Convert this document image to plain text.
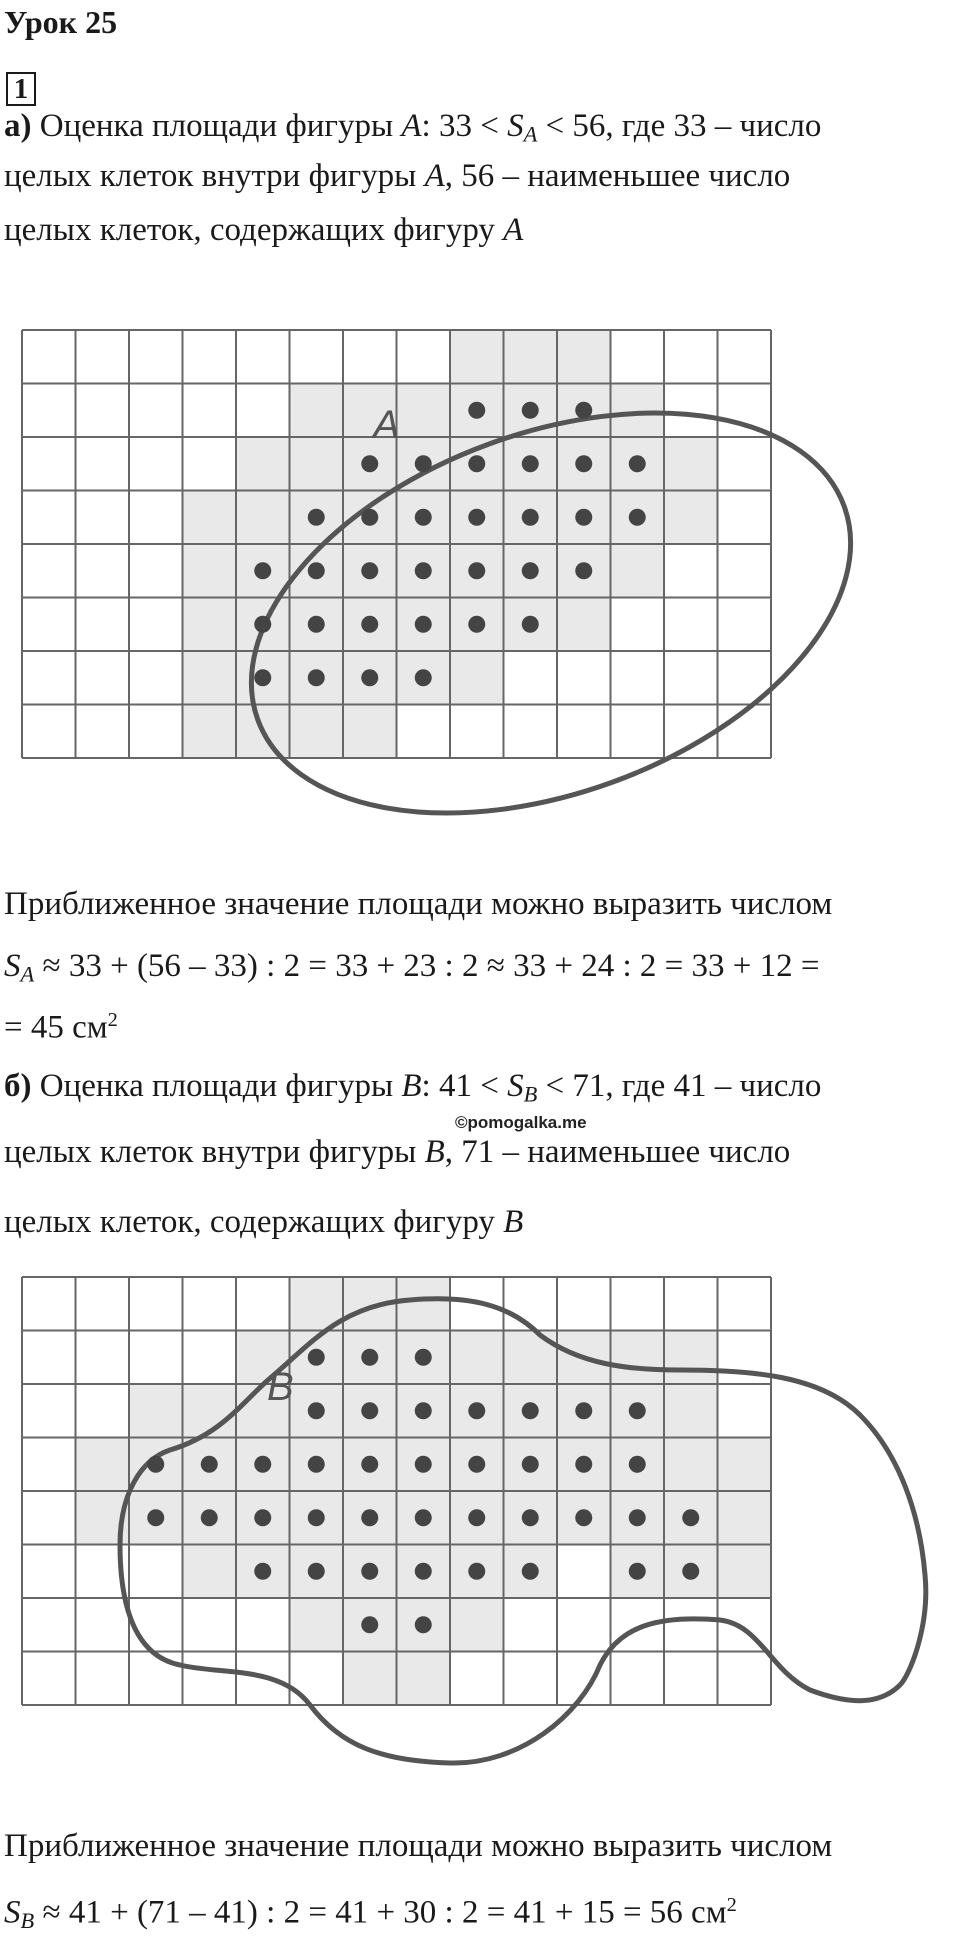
Урок 25
1
а) Оценка площади фигуры A: $33 < S_A < 56$, где 33 – число
целых клеток внутри фигуры A, 56 – наименьшее число
целых клеток, содержащих фигуру A
A
Приближенное значение площади можно выразить числом
$S_A \approx 33 + (56 - 33)$ : 2 = 33 + 23 : 2 ≈ 33 + 24 : 2 = 33 + 12 =
= 45 $см^2$
б) Оценка площади фигуры B: $41 < S_B < 71$, где 41 – число
©pomogalka.me
целых клеток внутри фигуры B, 71 – наименьшее число
целых клеток, содержащих фигуру B
B
Приближенное значение площади можно выразить числом
$S_B \approx 41 + (71 - 41)$ : 2 = 41 + 30 : 2 = 41 + 15 = 56 $см^2$
